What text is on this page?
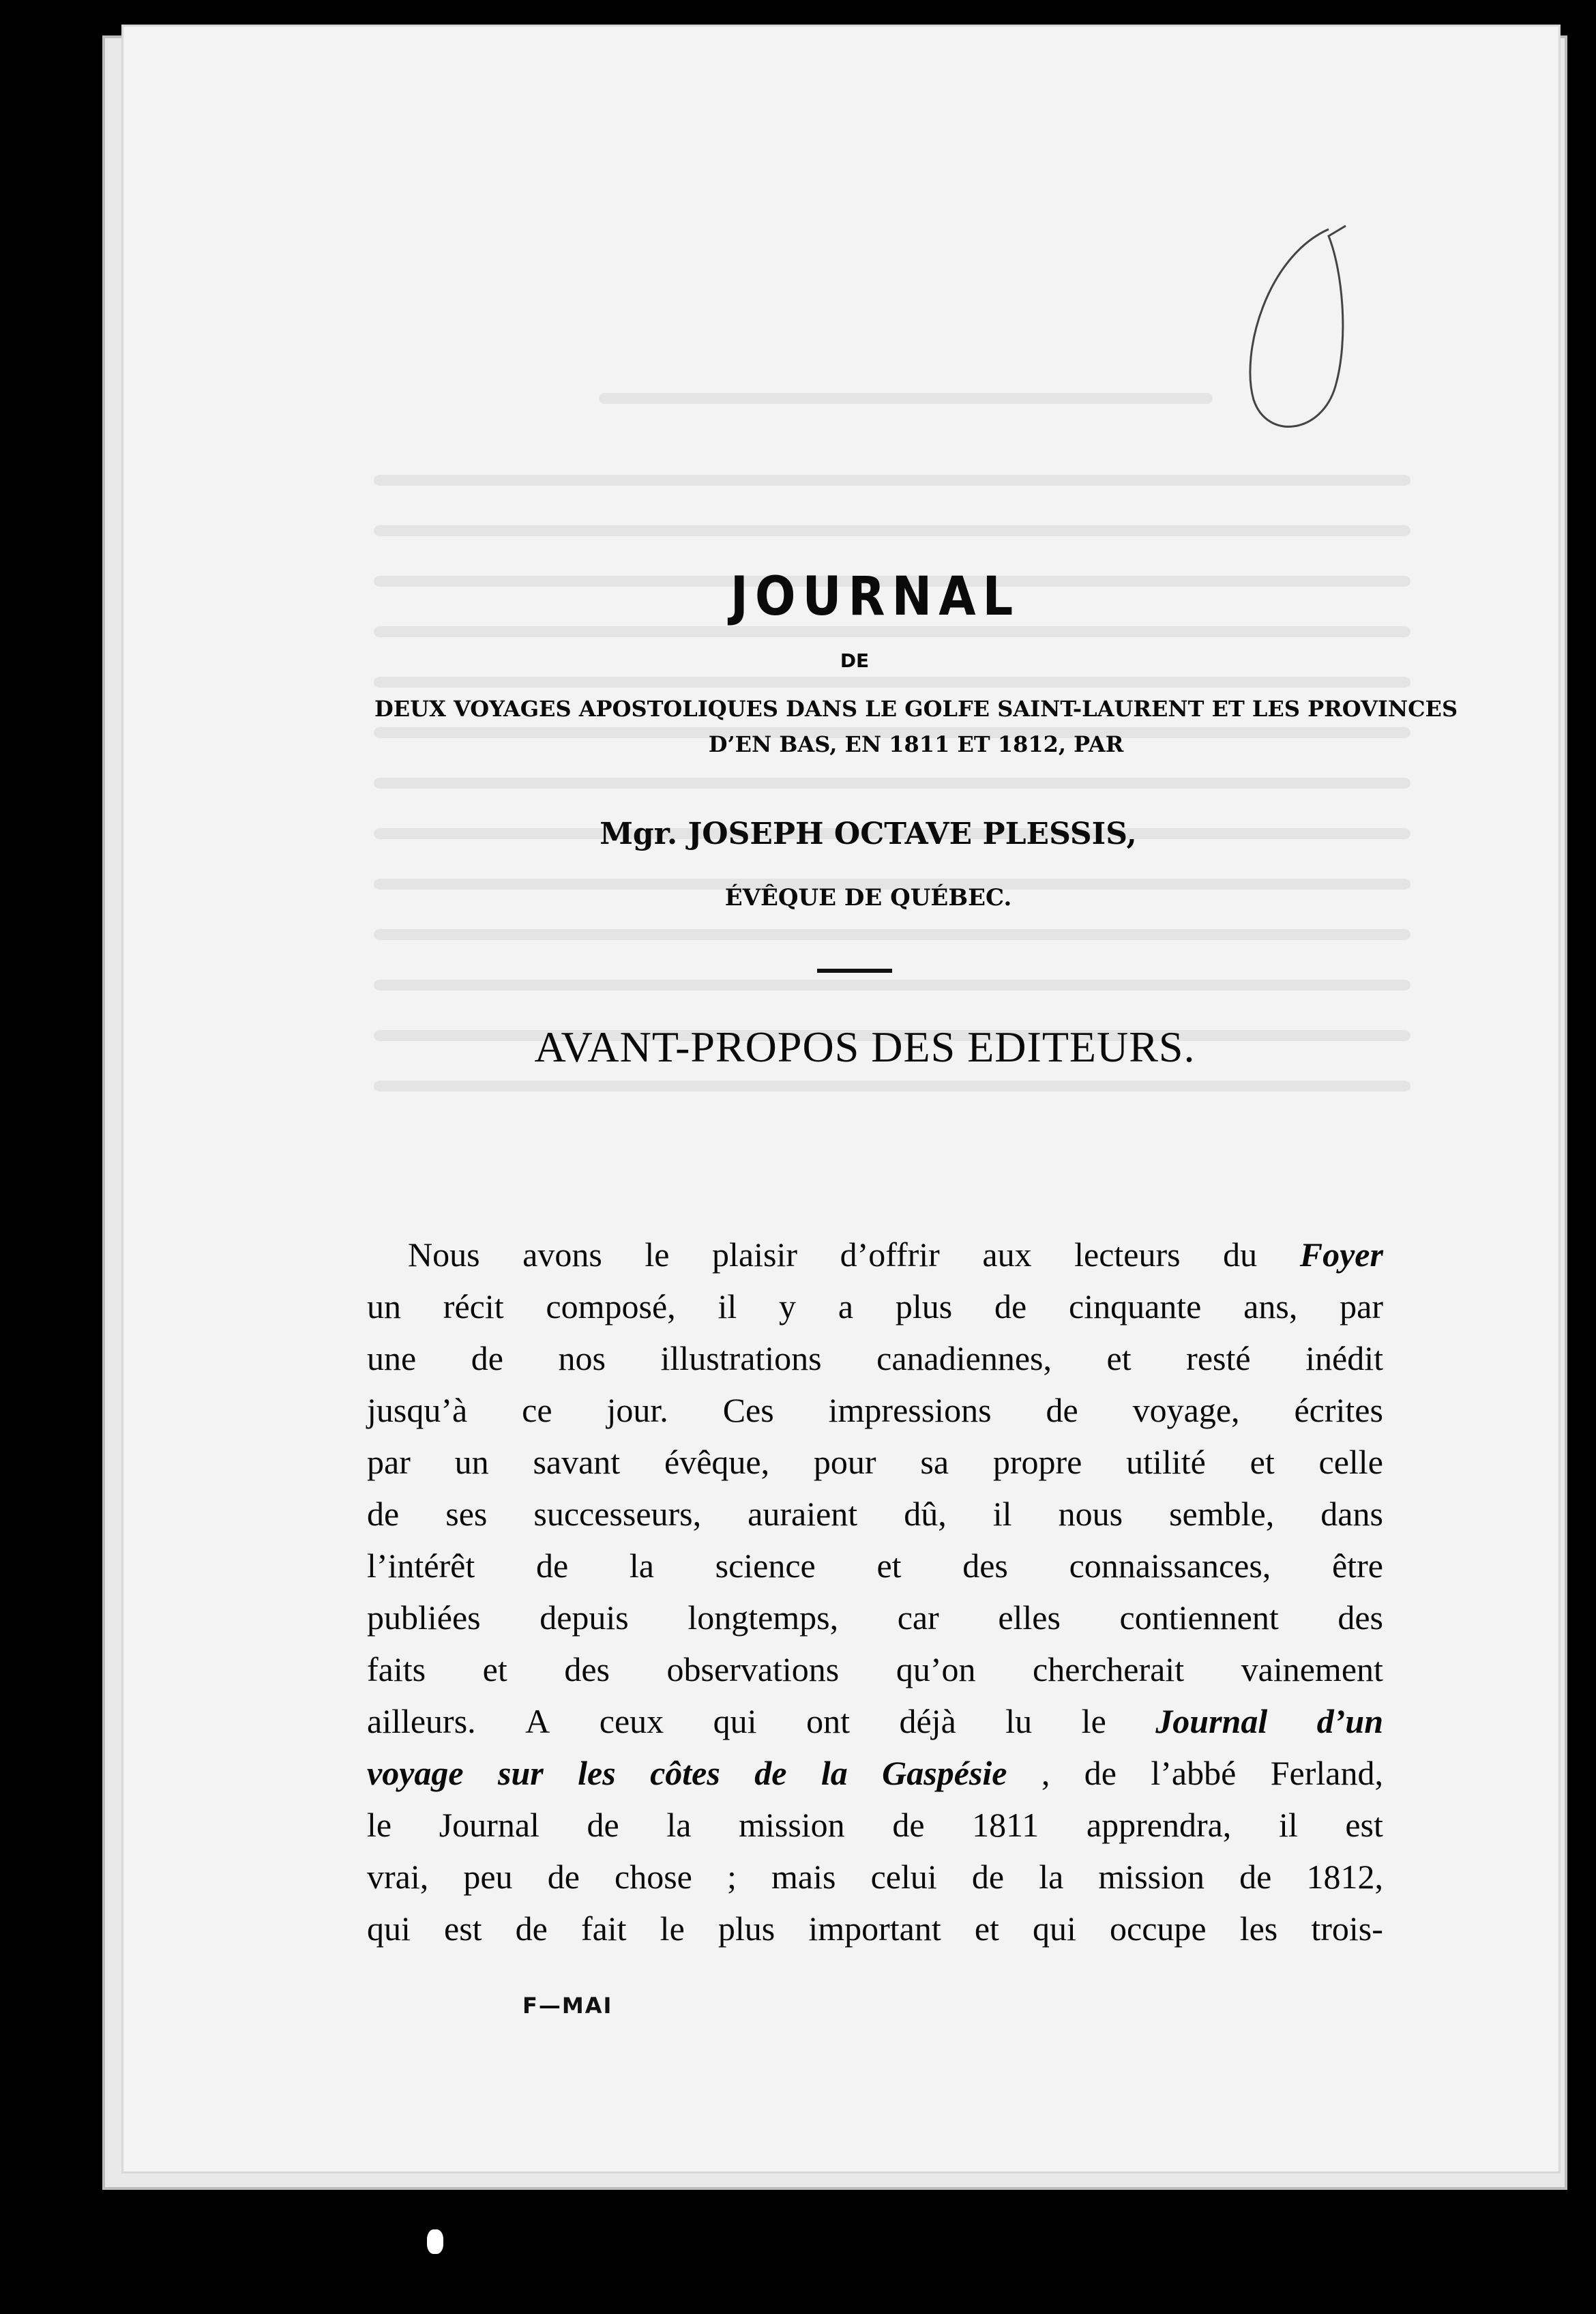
JOURNAL
DE
DEUX VOYAGES APOSTOLIQUES DANS LE GOLFE SAINT-LAURENT ET LES PROVINCES D’EN BAS, EN 1811 ET 1812, PAR
Mgr. JOSEPH OCTAVE PLESSIS,
ÉVÊQUE DE QUÉBEC.
AVANT-PROPOS DES EDITEURS.
Nous avons le plaisir d’offrir aux lecteurs du Foyer
un récit composé, il y a plus de cinquante ans, par
une de nos illustrations canadiennes, et resté inédit
jusqu’à ce jour. Ces impressions de voyage, écrites
par un savant évêque, pour sa propre utilité et celle
de ses successeurs, auraient dû, il nous semble, dans
l’intérêt de la science et des connaissances, être
publiées depuis longtemps, car elles contiennent des
faits et des observations qu’on chercherait vainement
ailleurs. A ceux qui ont déjà lu le Journal d’un
voyage sur les côtes de la Gaspésie , de l’abbé Ferland,
le Journal de la mission de 1811 apprendra, il est
vrai, peu de chose ; mais celui de la mission de 1812,
qui est de fait le plus important et qui occupe les trois-
F—MAI
